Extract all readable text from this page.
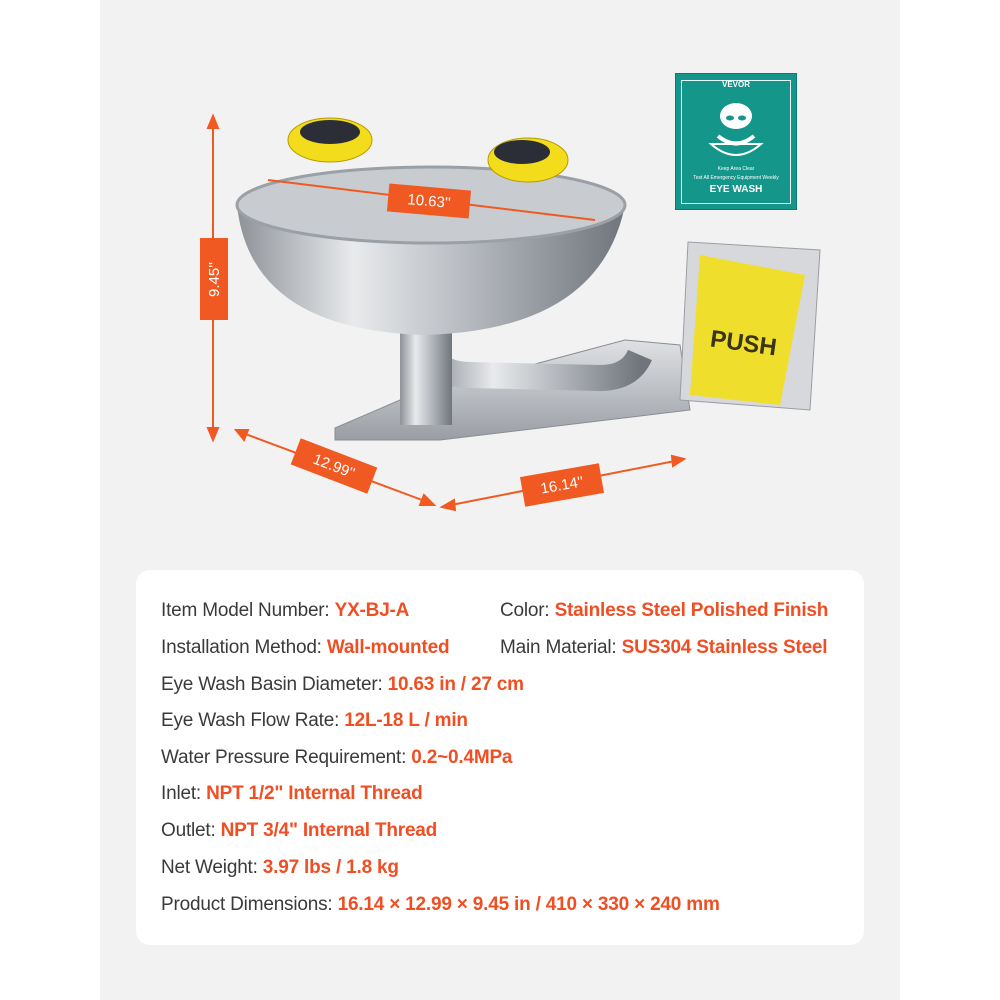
9.45''
10.63''
12.99''
16.14''
VEVOR
Keep Area Clear
Test All Emergency Equipment Weekly
EYE WASH
PUSH
Item Model Number: YX-BJ-A	Color: Stainless Steel Polished Finish
Installation Method: Wall-mounted	Main Material: SUS304 Stainless Steel
Eye Wash Basin Diameter: 10.63 in / 27 cm
Eye Wash Flow Rate: 12L-18 L / min
Water Pressure Requirement: 0.2~0.4MPa
Inlet: NPT 1/2" Internal Thread
Outlet: NPT 3/4" Internal Thread
Net Weight: 3.97 lbs / 1.8 kg
Product Dimensions: 16.14 × 12.99 × 9.45 in / 410 × 330 × 240 mm
